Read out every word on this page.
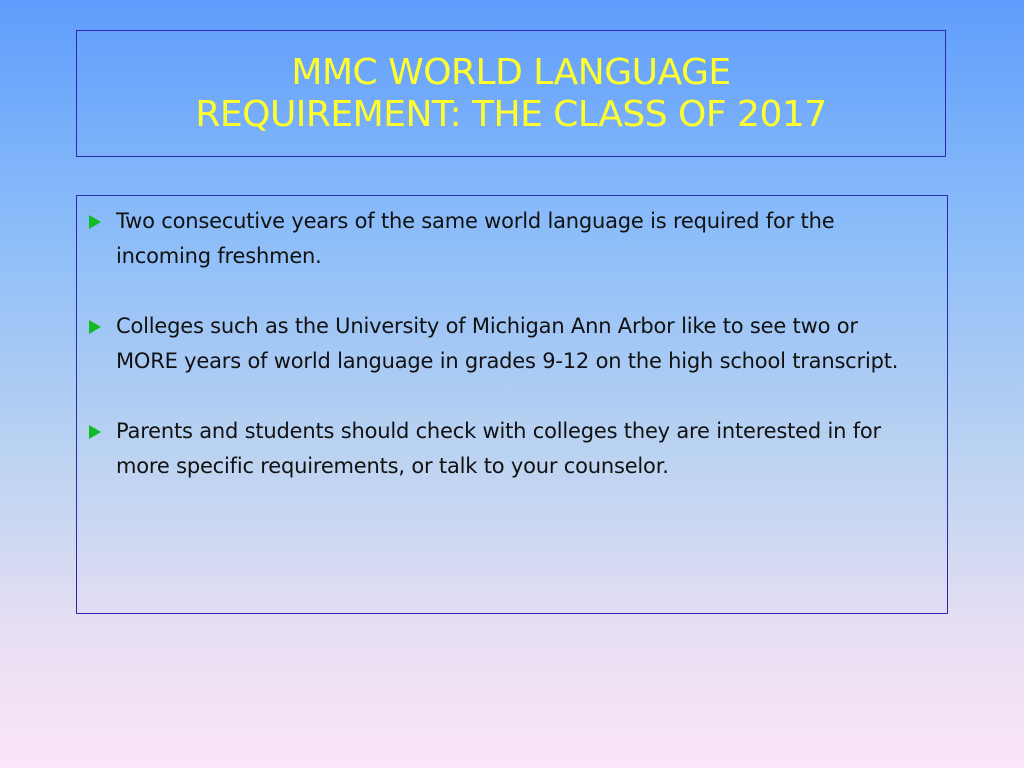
MMC WORLD LANGUAGE
REQUIREMENT: THE CLASS OF 2017
Two consecutive years of the same world language is required for the incoming freshmen.
Colleges such as the University of Michigan Ann Arbor like to see two or MORE years of world language in grades 9-12 on the high school transcript.
Parents and students should check with colleges they are interested in for more specific requirements, or talk to your counselor.
